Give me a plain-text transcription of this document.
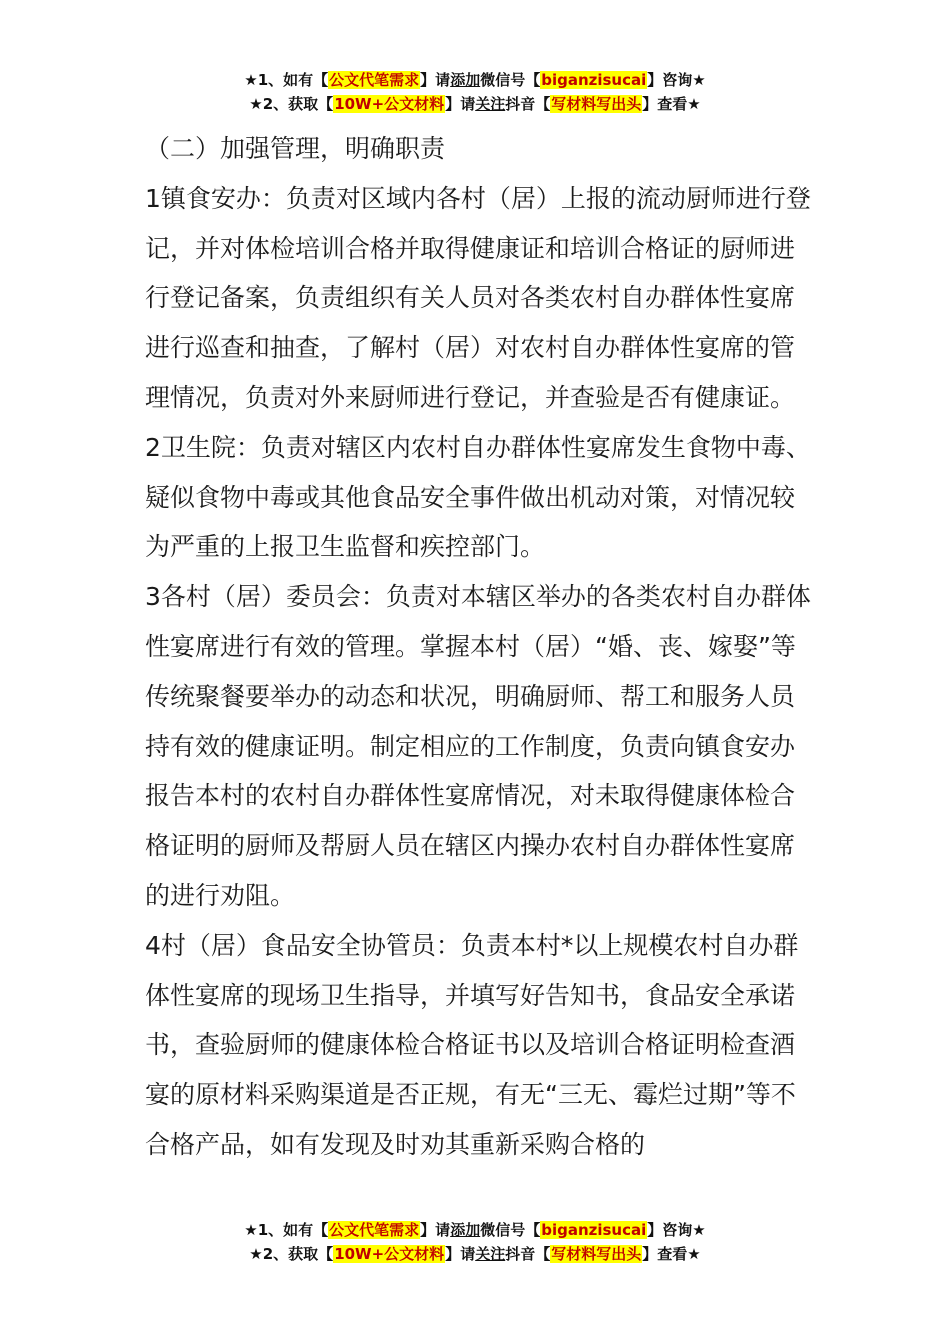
★1、如有【公文代笔需求】请添加微信号【biganzisucai】咨询★
★2、获取【10W+公文材料】请关注抖音【写材料写出头】查看★

（二）加强管理，明确职责

1镇食安办：负责对区域内各村（居）上报的流动厨师进行登记，并对体检培训合格并取得健康证和培训合格证的厨师进行登记备案，负责组织有关人员对各类农村自办群体性宴席进行巡查和抽查，了解村（居）对农村自办群体性宴席的管理情况，负责对外来厨师进行登记，并查验是否有健康证。

2卫生院：负责对辖区内农村自办群体性宴席发生食物中毒、疑似食物中毒或其他食品安全事件做出机动对策，对情况较为严重的上报卫生监督和疾控部门。

3各村（居）委员会：负责对本辖区举办的各类农村自办群体性宴席进行有效的管理。掌握本村（居）“婚、丧、嫁娶”等传统聚餐要举办的动态和状况，明确厨师、帮工和服务人员持有效的健康证明。制定相应的工作制度，负责向镇食安办报告本村的农村自办群体性宴席情况，对未取得健康体检合格证明的厨师及帮厨人员在辖区内操办农村自办群体性宴席的进行劝阻。

4村（居）食品安全协管员：负责本村*以上规模农村自办群体性宴席的现场卫生指导，并填写好告知书，食品安全承诺书，查验厨师的健康体检合格证书以及培训合格证明检查酒宴的原材料采购渠道是否正规，有无“三无、霉烂过期”等不合格产品，如有发现及时劝其重新采购合格的

★1、如有【公文代笔需求】请添加微信号【biganzisucai】咨询★
★2、获取【10W+公文材料】请关注抖音【写材料写出头】查看★
